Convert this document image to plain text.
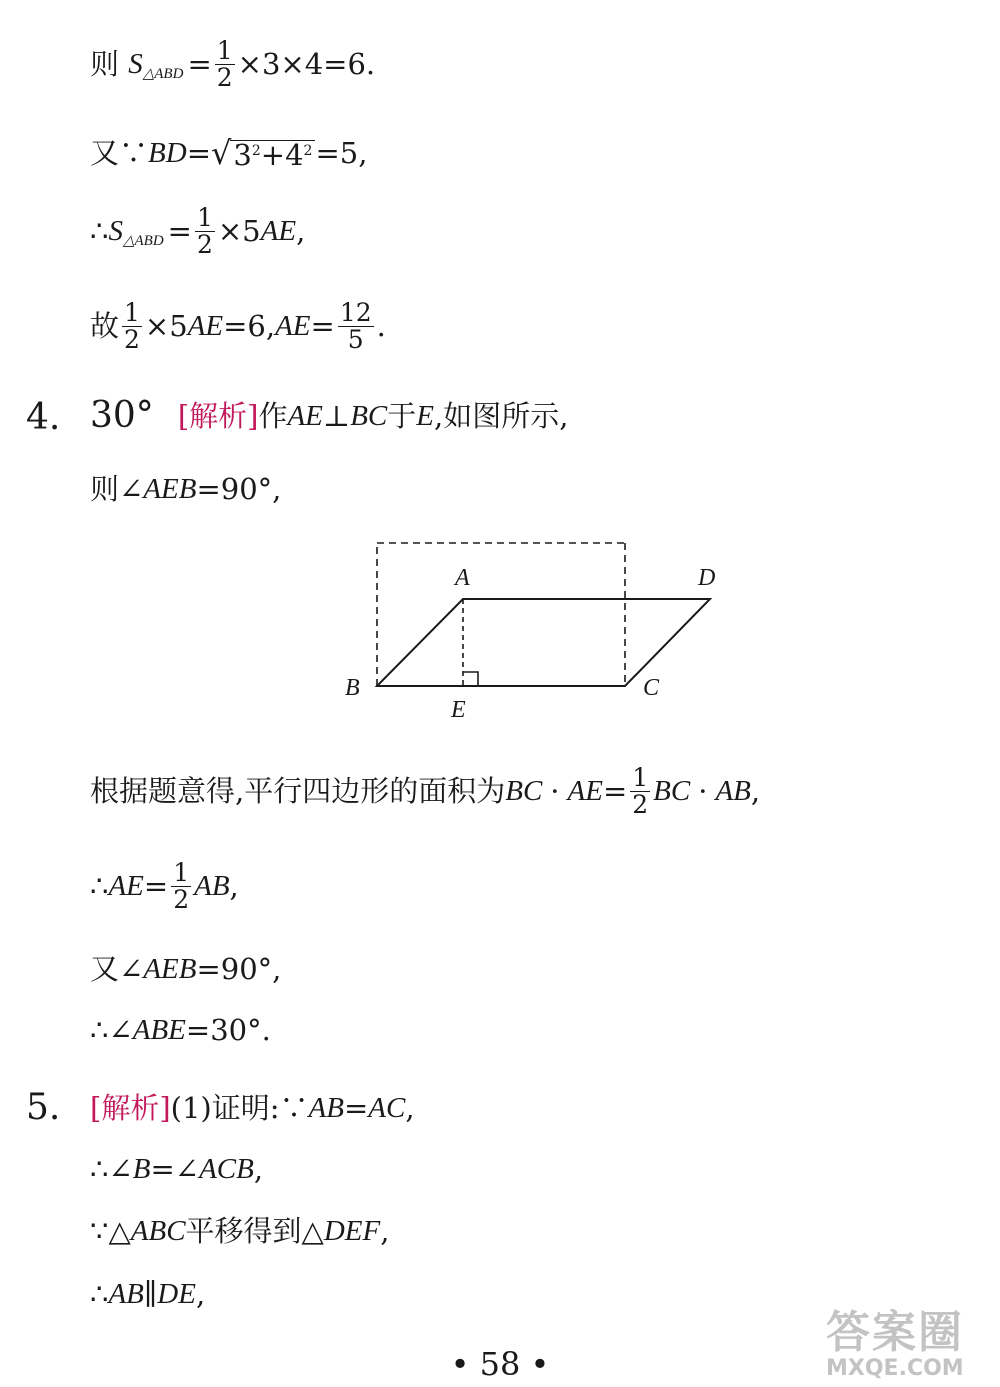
则
S △ABD = $\frac{1}{2} \times 3\times 4=6$.
又∵ BD = √ $3^2+4^2 =5$,
∴ S △ABD = $\frac{1}{2} \times 5$ AE ,
故 $\frac{1}{2} \times 5$ AE =6, AE = $\frac{12}{5}$ .
4. 30° [解析] 作 AE ⊥ BC 于 E ,如图所示,
则∠ AEB =90°,
A	D
B	C
E
根据题意得,平行四边形的面积为 BC · AE = $\frac{1}{2}$ BC · AB ,
∴ AE = $\frac{1}{2}$ AB ,
又∠ AEB =90°,
∴∠ ABE =30°.
5. [解析] (1)证明:∵ AB = AC ,
∴∠ B =∠ ACB ,
∵△ ABC 平移得到△ DEF ,
∴ AB ∥ DE ,
• 58 •
答案圈
MXQE.COM
